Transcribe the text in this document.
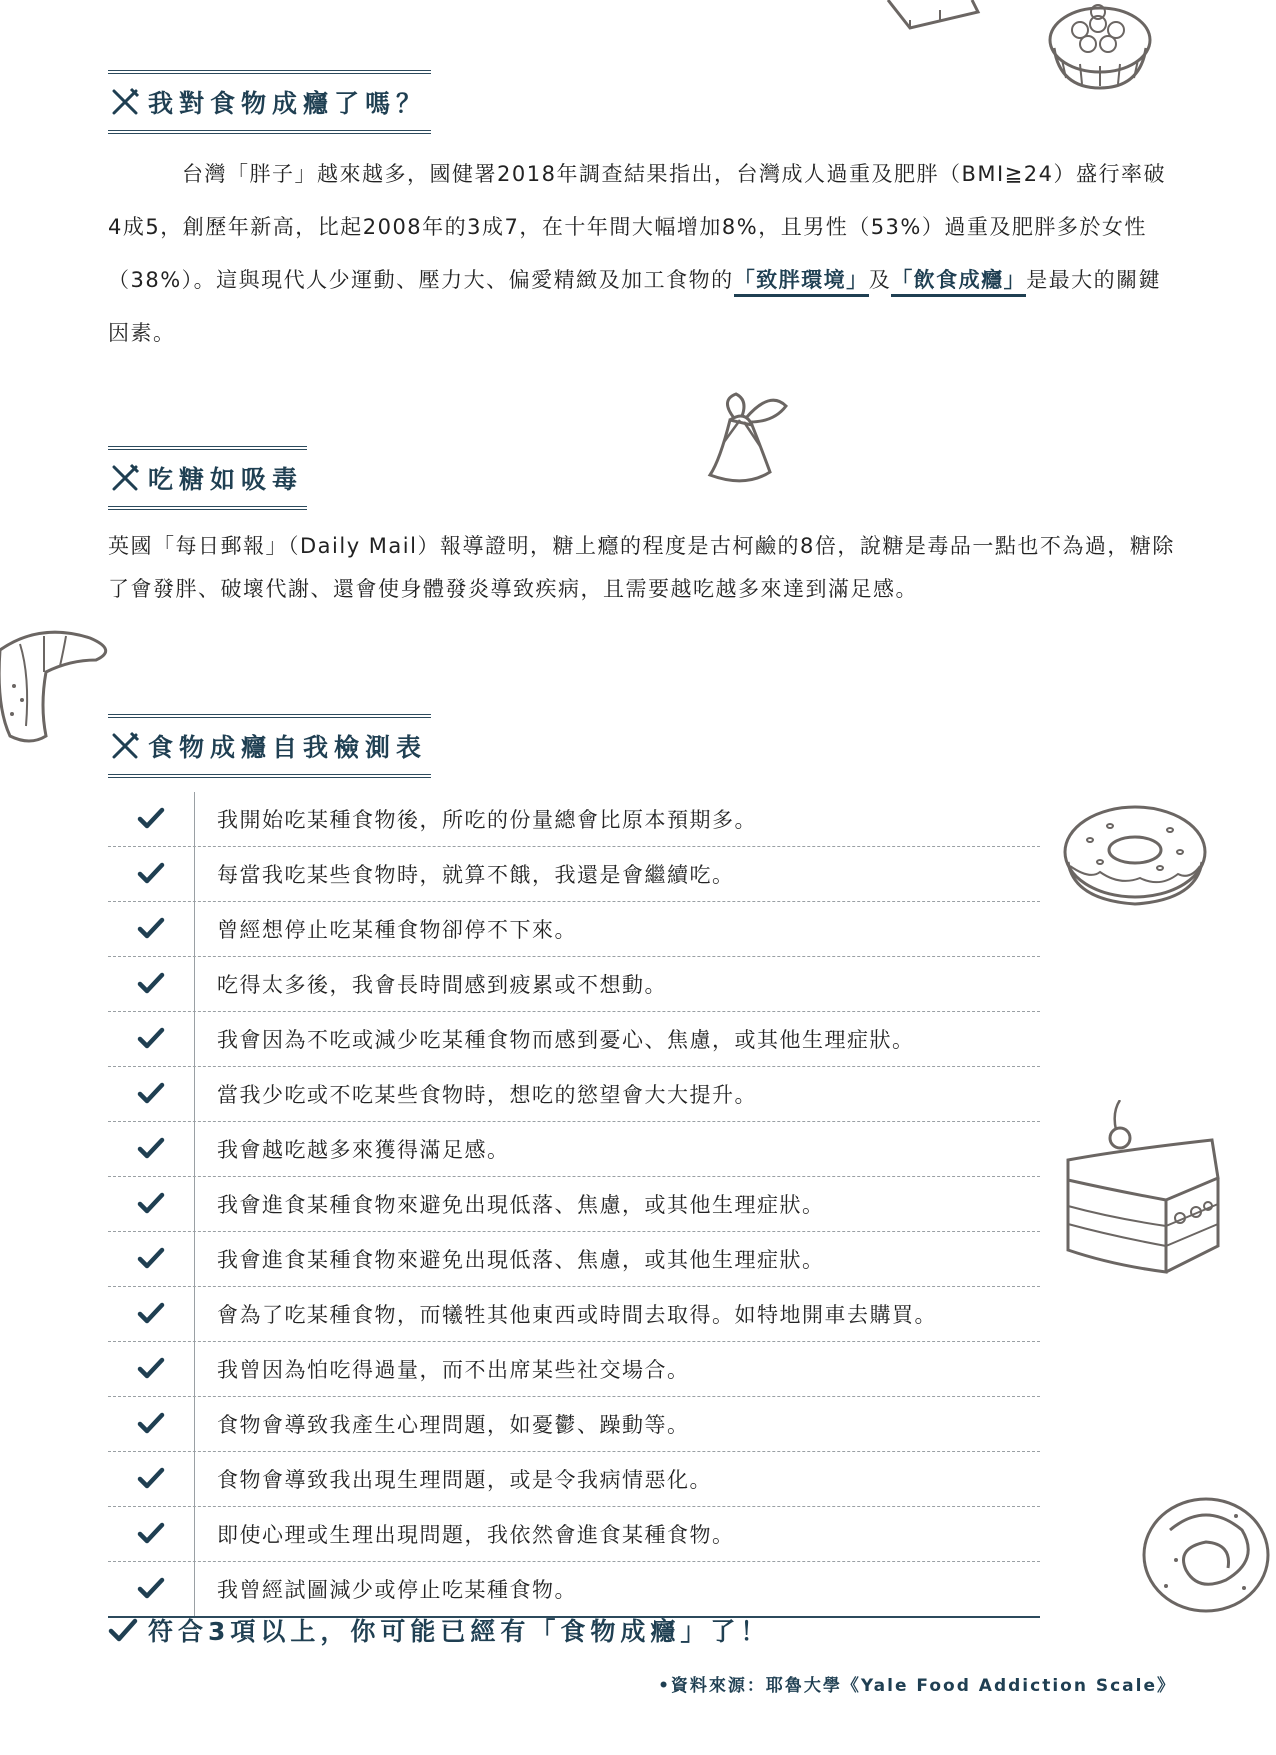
我對食物成癮了嗎？
台灣「胖子」越來越多，國健署2018年調查結果指出，台灣成人過重及肥胖（BMI≧24）盛行率破4成5，創歷年新高，比起2008年的3成7，在十年間大幅增加8%，且男性（53%）過重及肥胖多於女性（38%）。這與現代人少運動、壓力大、偏愛精緻及加工食物的「致胖環境」及「飲食成癮」是最大的關鍵因素。
吃糖如吸毒
英國「每日郵報」（Daily Mail）報導證明，糖上癮的程度是古柯鹼的8倍，說糖是毒品一點也不為過，糖除了會發胖、破壞代謝、還會使身體發炎導致疾病，且需要越吃越多來達到滿足感。
食物成癮自我檢測表
我開始吃某種食物後，所吃的份量總會比原本預期多。
每當我吃某些食物時，就算不餓，我還是會繼續吃。
曾經想停止吃某種食物卻停不下來。
吃得太多後，我會長時間感到疲累或不想動。
我會因為不吃或減少吃某種食物而感到憂心、焦慮，或其他生理症狀。
當我少吃或不吃某些食物時，想吃的慾望會大大提升。
我會越吃越多來獲得滿足感。
我會進食某種食物來避免出現低落、焦慮，或其他生理症狀。
我會進食某種食物來避免出現低落、焦慮，或其他生理症狀。
會為了吃某種食物，而犧牲其他東西或時間去取得。如特地開車去購買。
我曾因為怕吃得過量，而不出席某些社交場合。
食物會導致我產生心理問題，如憂鬱、躁動等。
食物會導致我出現生理問題，或是令我病情惡化。
即使心理或生理出現問題，我依然會進食某種食物。
我曾經試圖減少或停止吃某種食物。
符合3項以上，你可能已經有「食物成癮」了！
•資料來源：耶魯大學《Yale Food Addiction Scale》
